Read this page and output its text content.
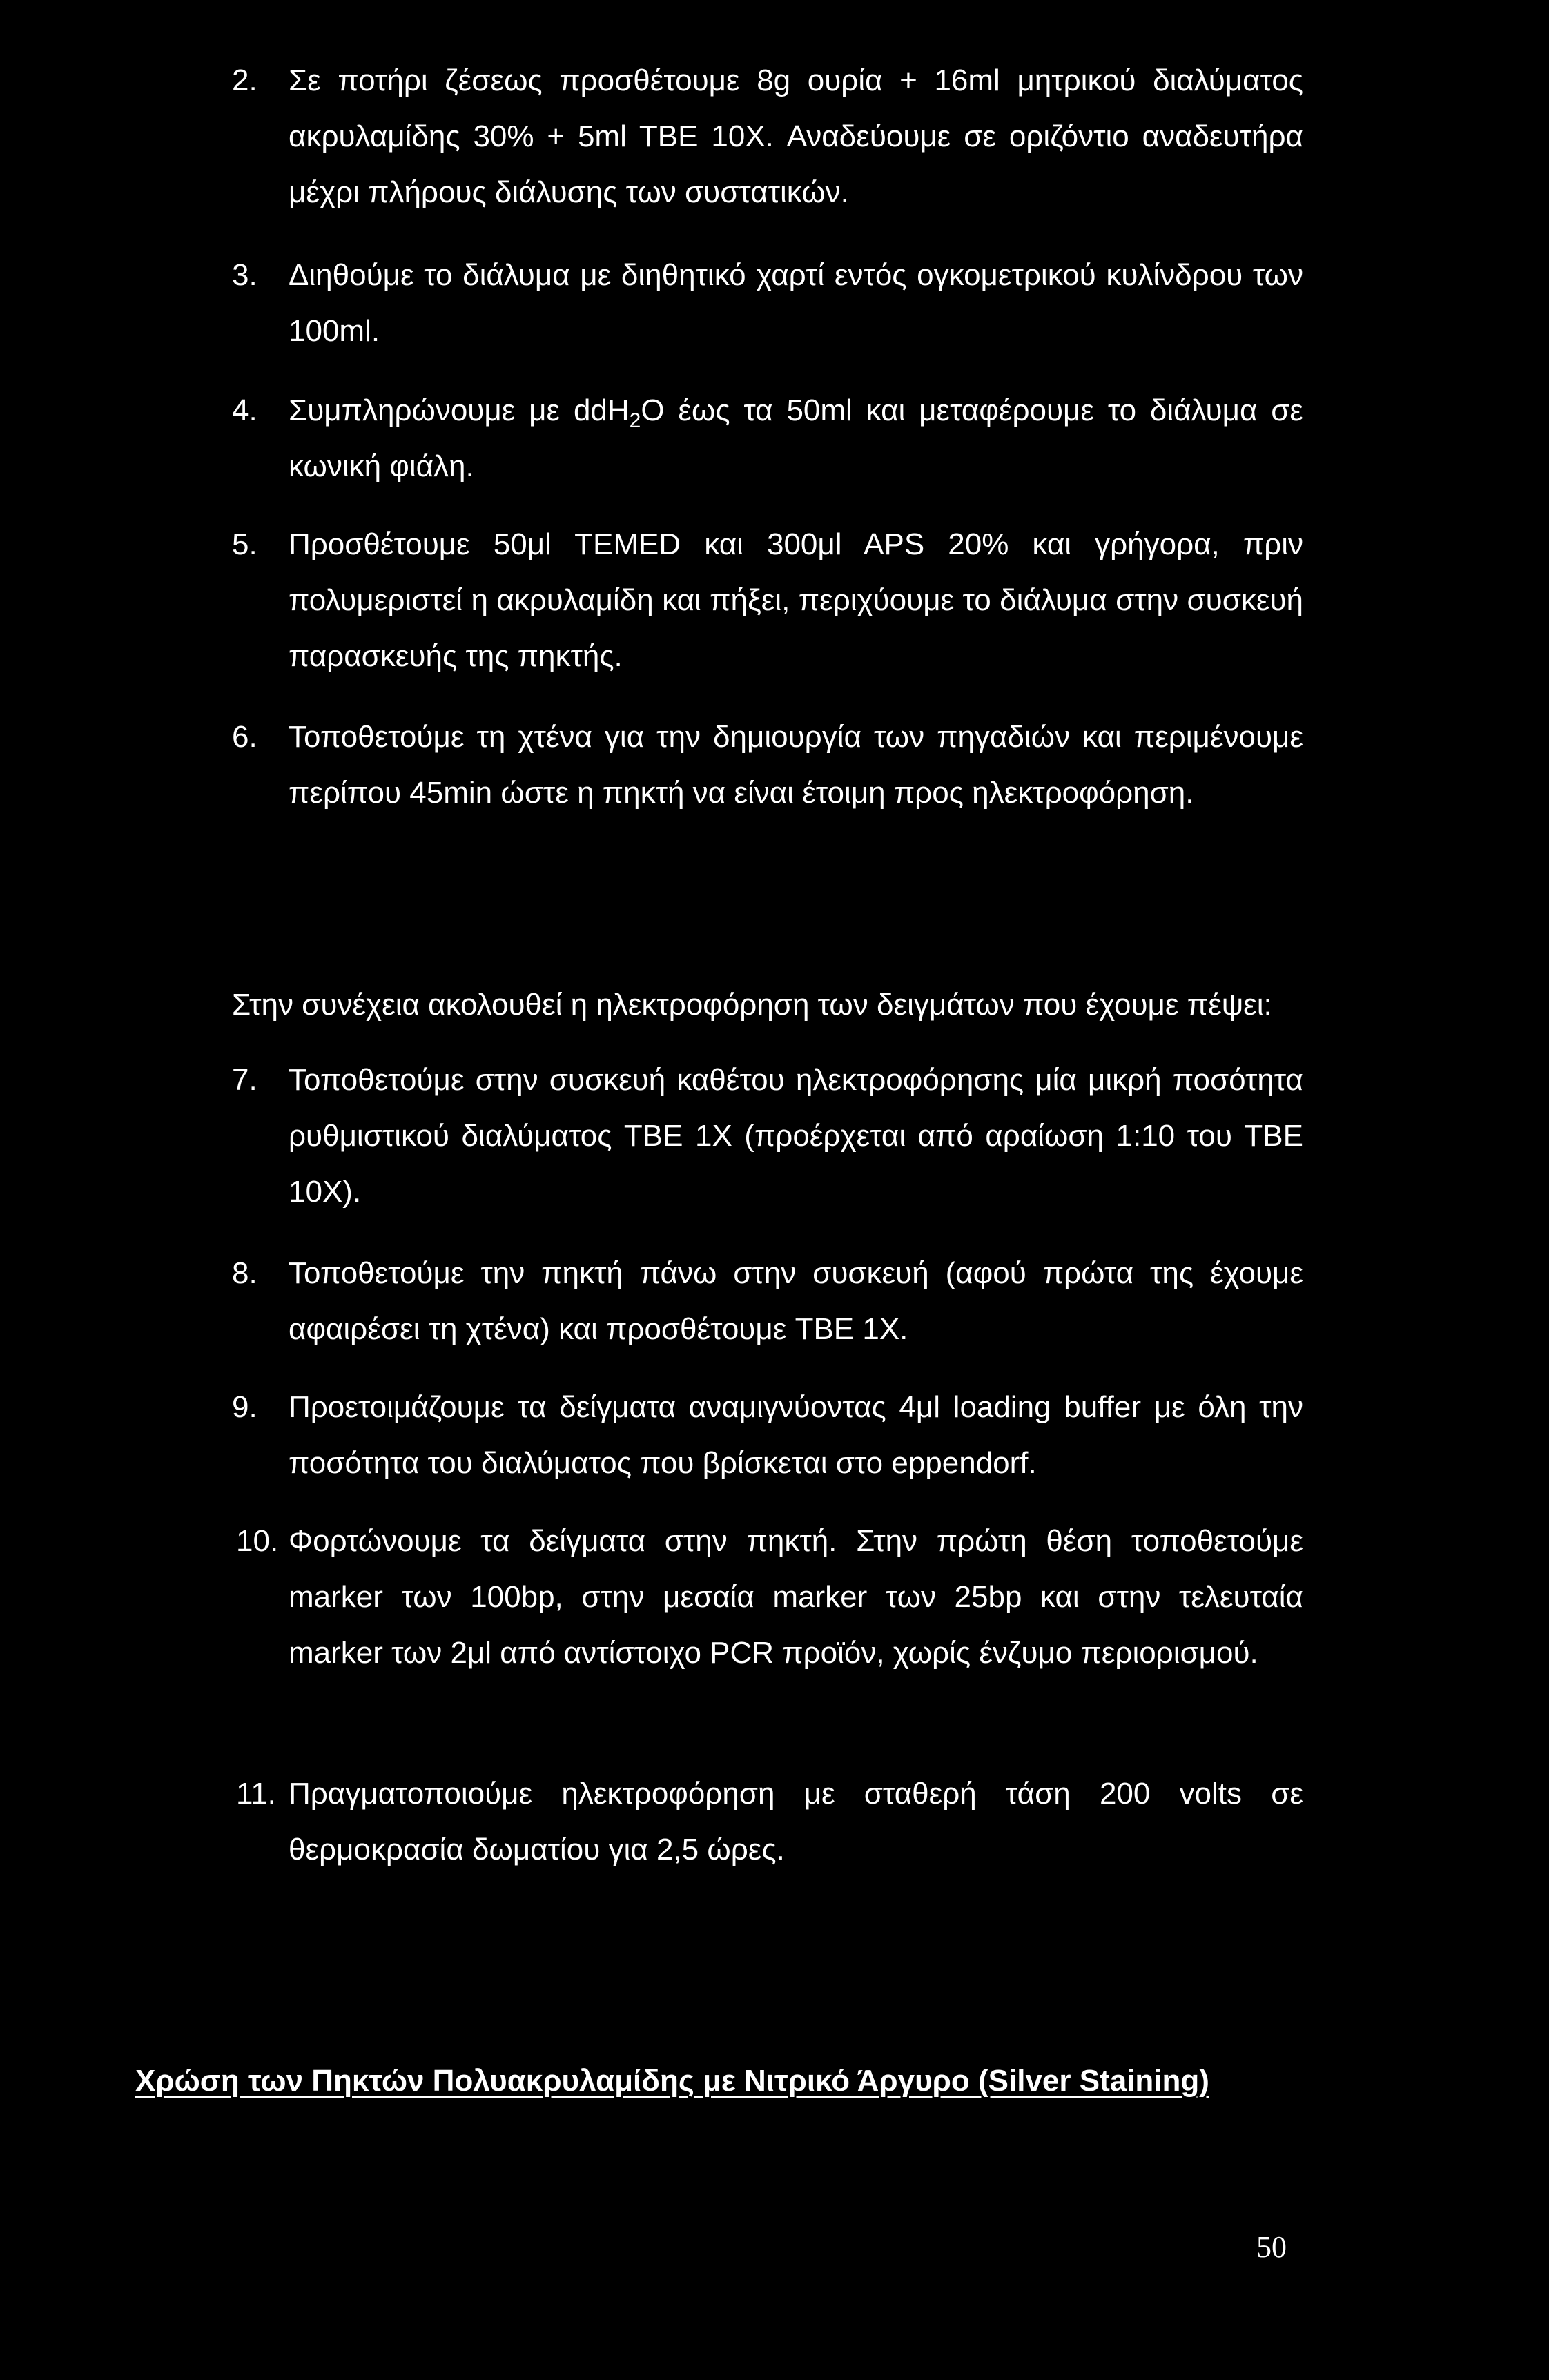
2. Σε ποτήρι ζέσεως προσθέτουμε 8g ουρία + 16ml μητρικού διαλύματος ακρυλαμίδης 30% + 5ml TBE 10X. Αναδεύουμε σε οριζόντιο αναδευτήρα μέχρι πλήρους διάλυσης των συστατικών.
3. Διηθούμε το διάλυμα με διηθητικό χαρτί εντός ογκομετρικού κυλίνδρου των 100ml.
4. Συμπληρώνουμε με ddH$_2$O έως τα 50ml και μεταφέρουμε το διάλυμα σε κωνική φιάλη.
5. Προσθέτουμε 50μl TEMED και 300μl APS 20% και γρήγορα, πριν πολυμεριστεί η ακρυλαμίδη και πήξει, περιχύουμε το διάλυμα στην συσκευή παρασκευής της πηκτής.
6. Τοποθετούμε τη χτένα για την δημιουργία των πηγαδιών και περιμένουμε περίπου 45min ώστε η πηκτή να είναι έτοιμη προς ηλεκτροφόρηση.
Στην συνέχεια ακολουθεί η ηλεκτροφόρηση των δειγμάτων που έχουμε πέψει:
7. Τοποθετούμε στην συσκευή καθέτου ηλεκτροφόρησης μία μικρή ποσότητα ρυθμιστικού διαλύματος TBE 1X (προέρχεται από αραίωση 1:10 του TBE 10X).
8. Τοποθετούμε την πηκτή πάνω στην συσκευή (αφού πρώτα της έχουμε αφαιρέσει τη χτένα) και προσθέτουμε TBE 1X.
9. Προετοιμάζουμε τα δείγματα αναμιγνύοντας 4μl loading buffer με όλη την ποσότητα του διαλύματος που βρίσκεται στο eppendorf.
10. Φορτώνουμε τα δείγματα στην πηκτή. Στην πρώτη θέση τοποθετούμε marker των 100bp, στην μεσαία marker των 25bp και στην τελευταία marker των 2μl από αντίστοιχο PCR προϊόν, χωρίς ένζυμο περιορισμού.
11. Πραγματοποιούμε ηλεκτροφόρηση με σταθερή τάση 200 volts σε θερμοκρασία δωματίου για 2,5 ώρες.
Χρώση των Πηκτών Πολυακρυλαμίδης με Νιτρικό Άργυρο (Silver Staining)
50
